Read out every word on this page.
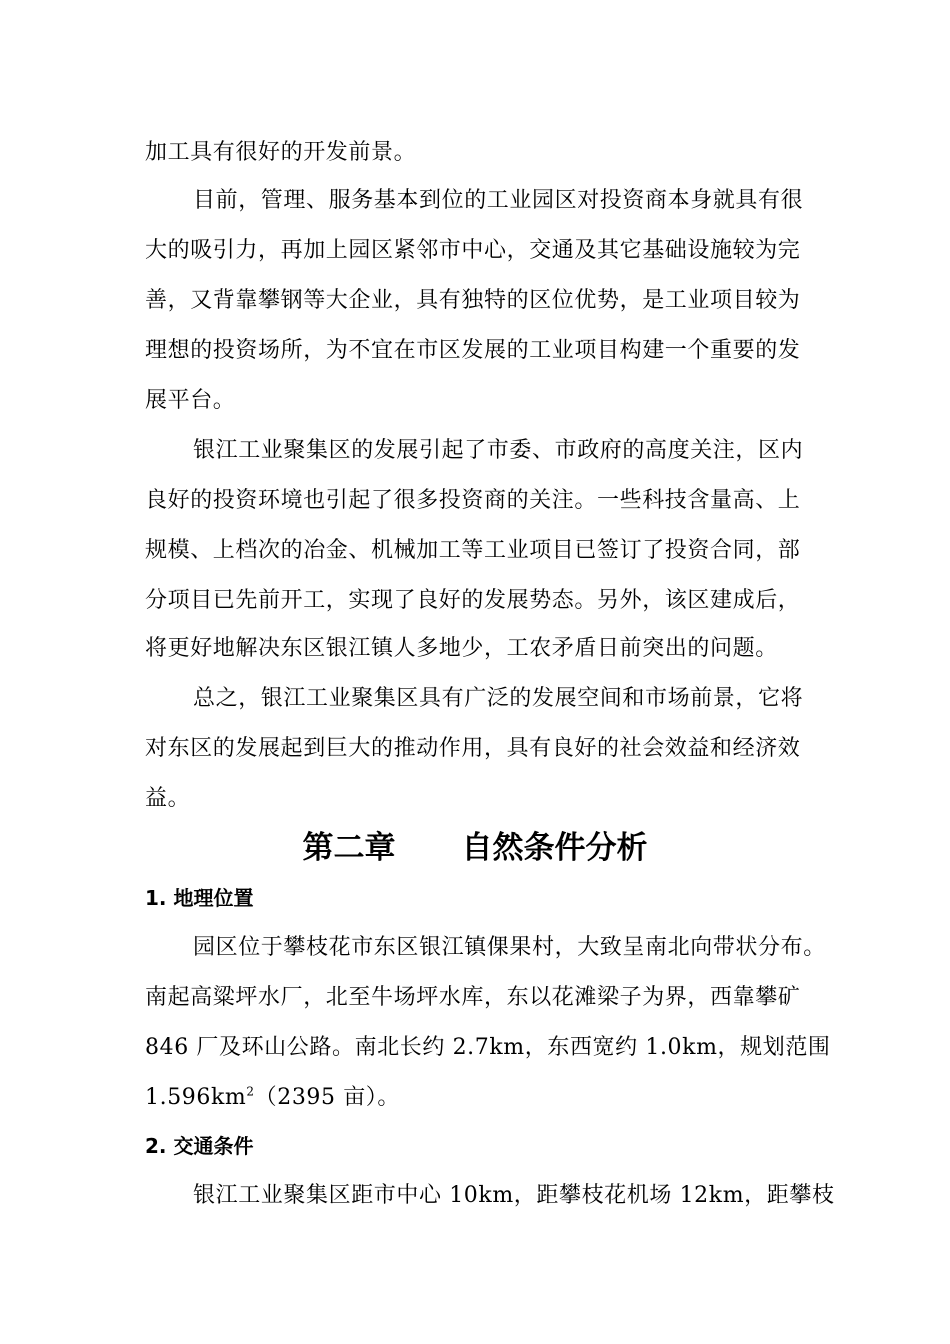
加工具有很好的开发前景。
目前，管理、服务基本到位的工业园区对投资商本身就具有很
大的吸引力，再加上园区紧邻市中心，交通及其它基础设施较为完
善，又背靠攀钢等大企业，具有独特的区位优势，是工业项目较为
理想的投资场所，为不宜在市区发展的工业项目构建一个重要的发
展平台。
银江工业聚集区的发展引起了市委、市政府的高度关注，区内
良好的投资环境也引起了很多投资商的关注。一些科技含量高、上
规模、上档次的冶金、机械加工等工业项目已签订了投资合同，部
分项目已先前开工，实现了良好的发展势态。另外，该区建成后，
将更好地解决东区银江镇人多地少，工农矛盾日前突出的问题。
总之，银江工业聚集区具有广泛的发展空间和市场前景，它将
对东区的发展起到巨大的推动作用，具有良好的社会效益和经济效
益。
第二章 自然条件分析
1. 地理位置
园区位于攀枝花市东区银江镇倮果村，大致呈南北向带状分布。
南起高粱坪水厂，北至牛场坪水库，东以花滩梁子为界，西靠攀矿
846 厂及环山公路。南北长约 2.7km，东西宽约 1.0km，规划范围
$1.596km^2(2395$ 亩）。
2. 交通条件
银江工业聚集区距市中心 10km，距攀枝花机场 12km，距攀枝
